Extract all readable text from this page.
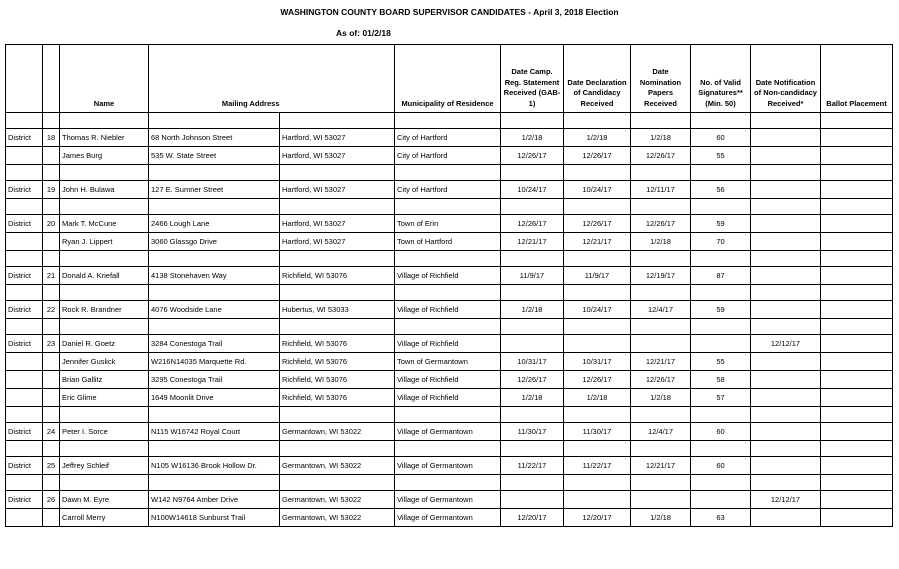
WASHINGTON COUNTY BOARD SUPERVISOR CANDIDATES - April 3, 2018 Election
As of: 01/2/18
		Name	Mailing Address		Municipality of Residence	Date Camp. Reg. Statement Received (GAB-1)	Date Declaration of Candidacy Received	Date Nomination Papers Received	No. of Valid Signatures** (Min. 50)	Date Notification of Non-candidacy Received*	Ballot Placement

District	18	Thomas R. Niebler	68 North Johnson Street	Hartford, WI 53027	City of Hartford	1/2/18	1/2/18	1/2/18	60		
		James Burg	535 W. State Street	Hartford, WI 53027	City of Hartford	12/26/17	12/26/17	12/26/17	55		

District	19	John H. Bulawa	127 E. Sumner Street	Hartford, WI 53027	City of Hartford	10/24/17	10/24/17	12/11/17	56		

District	20	Mark T. McCune	2466 Lough Lane	Hartford, WI 53027	Town of Erin	12/26/17	12/26/17	12/26/17	59		
		Ryan J. Lippert	3060 Glassgo Drive	Hartford, WI 53027	Town of Hartford	12/21/17	12/21/17	1/2/18	70		

District	21	Donald A. Kriefall	4138 Stonehaven Way	Richfield, WI 53076	Village of Richfield	11/9/17	11/9/17	12/19/17	87		

District	22	Rock R. Brandner	4076 Woodside Lane	Hubertus, WI 53033	Village of Richfield	1/2/18	10/24/17	12/4/17	59		

District	23	Daniel R. Goetz	3284 Conestoga Trail	Richfield, WI 53076	Village of Richfield					12/12/17	
		Jennifer Guslick	W216N14035 Marquette Rd.	Richfield, WI 53076	Town of Germantown	10/31/17	10/31/17	12/21/17	55		
		Brian Gallitz	3295 Conestoga Trail	Richfield, WI 53076	Village of Richfield	12/26/17	12/26/17	12/26/17	58		
		Eric Glime	1649 Moonlit Drive	Richfield, WI 53076	Village of Richfield	1/2/18	1/2/18	1/2/18	57		

District	24	Peter I. Sorce	N115 W16742 Royal Court	Germantown, WI 53022	Village of Germantown	11/30/17	11/30/17	12/4/17	60		

District	25	Jeffrey Schleif	N105 W16136 Brook Hollow Dr.	Germantown, WI 53022	Village of Germantown	11/22/17	11/22/17	12/21/17	60		

District	26	Dawn M. Eyre	W142 N9764 Amber Drive	Germantown, WI 53022	Village of Germantown					12/12/17	
		Carroll Merry	N100W14618 Sunburst Trail	Germantown, WI 53022	Village of Germantown	12/20/17	12/20/17	1/2/18	63		
